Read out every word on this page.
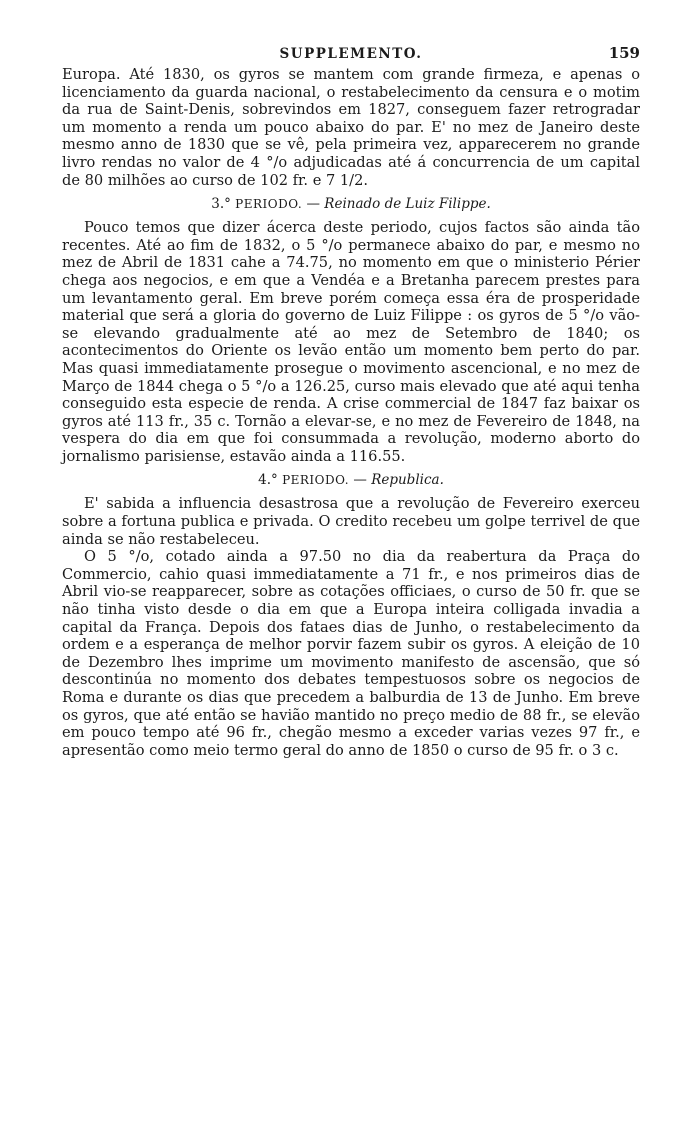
SUPPLEMENTO.	159

Europa. Até 1830, os gyros se mantem com grande firmeza, e apenas o licenciamento da guarda nacional, o restabelecimento da censura e o motim da rua de Saint-Denis, sobrevindos em 1827, conseguem fazer retrogradar um momento a renda um pouco abaixo do par. E' no mez de Janeiro deste mesmo anno de 1830 que se vê, pela primeira vez, apparecerem no grande livro rendas no valor de 4 °/o adjudicadas até á concurrencia de um capital de 80 milhões ao curso de 102 fr. e 7 1/2.

3.° PERIODO. — Reinado de Luiz Filippe.

Pouco temos que dizer ácerca deste periodo, cujos factos são ainda tão recentes. Até ao fim de 1832, o 5 °/o permanece abaixo do par, e mesmo no mez de Abril de 1831 cahe a 74.75, no momento em que o ministerio Périer chega aos negocios, e em que a Vendéa e a Bretanha parecem prestes para um levantamento geral. Em breve porém começa essa éra de prosperidade material que será a gloria do governo de Luiz Filippe : os gyros de 5 °/o vão-se elevando gradualmente até ao mez de Setembro de 1840; os acontecimentos do Oriente os levão então um momento bem perto do par. Mas quasi immediatamente prosegue o movimento ascencional, e no mez de Março de 1844 chega o 5 °/o a 126.25, curso mais elevado que até aqui tenha conseguido esta especie de renda. A crise commercial de 1847 faz baixar os gyros até 113 fr., 35 c. Tornão a elevar-se, e no mez de Fevereiro de 1848, na vespera do dia em que foi consummada a revolução, moderno aborto do jornalismo parisiense, estavão ainda a 116.55.

4.° PERIODO. — Republica.

E' sabida a influencia desastrosa que a revolução de Fevereiro exerceu sobre a fortuna publica e privada. O credito recebeu um golpe terrivel de que ainda se não restabeleceu.

O 5 °/o, cotado ainda a 97.50 no dia da reabertura da Praça do Commercio, cahio quasi immediatamente a 71 fr., e nos primeiros dias de Abril vio-se reapparecer, sobre as cotações officiaes, o curso de 50 fr. que se não tinha visto desde o dia em que a Europa inteira colligada invadia a capital da França. Depois dos fataes dias de Junho, o restabelecimento da ordem e a esperança de melhor porvir fazem subir os gyros. A eleição de 10 de Dezembro lhes imprime um movimento manifesto de ascensão, que só descontinúa no momento dos debates tempestuosos sobre os negocios de Roma e durante os dias que precedem a balburdia de 13 de Junho. Em breve os gyros, que até então se havião mantido no preço medio de 88 fr., se elevão em pouco tempo até 96 fr., chegão mesmo a exceder varias vezes 97 fr., e apresentão como meio termo geral do anno de 1850 o curso de 95 fr. o 3 c.
